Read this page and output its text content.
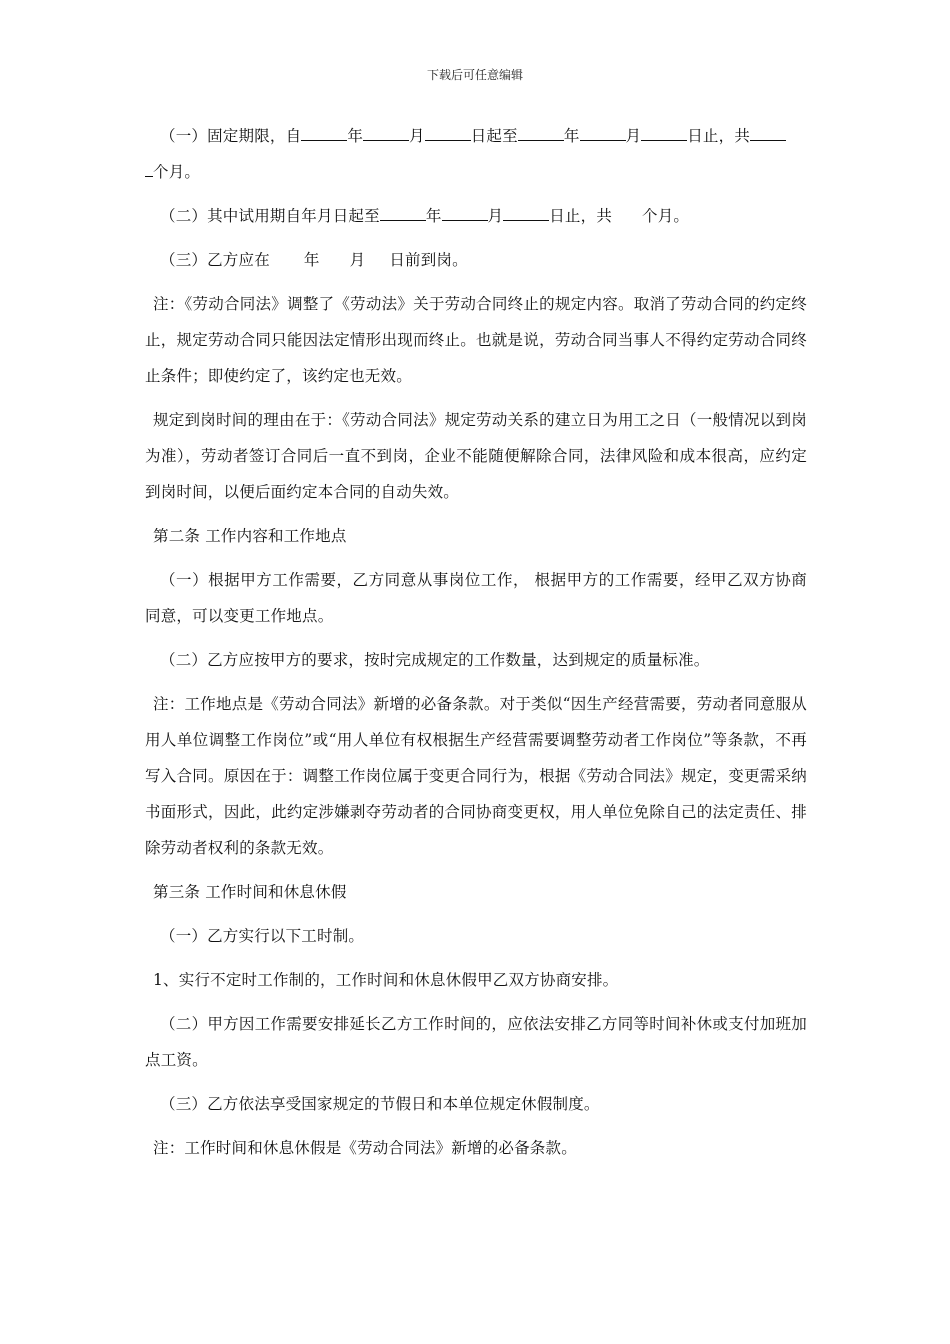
下载后可任意编辑

（一）固定期限，自	年	月	日起至	年	月	日止，共
个月。

（二）其中试用期自年月日起至	年	月	日止，共 个月。

（三）乙方应在 年 月 日前到岗。

注：《劳动合同法》调整了《劳动法》关于劳动合同终止的规定内容。取消了劳动合同的约定终止，规定劳动合同只能因法定情形出现而终止。也就是说，劳动合同当事人不得约定劳动合同终止条件；即使约定了，该约定也无效。

规定到岗时间的理由在于：《劳动合同法》规定劳动关系的建立日为用工之日（一般情况以到岗为准），劳动者签订合同后一直不到岗，企业不能随便解除合同，法律风险和成本很高，应约定到岗时间，以便后面约定本合同的自动失效。

第二条 工作内容和工作地点

（一）根据甲方工作需要，乙方同意从事岗位工作， 根据甲方的工作需要，经甲乙双方协商同意，可以变更工作地点。

（二）乙方应按甲方的要求，按时完成规定的工作数量，达到规定的质量标准。

注：工作地点是《劳动合同法》新增的必备条款。对于类似“因生产经营需要，劳动者同意服从用人单位调整工作岗位”或“用人单位有权根据生产经营需要调整劳动者工作岗位”等条款，不再写入合同。原因在于：调整工作岗位属于变更合同行为，根据《劳动合同法》规定，变更需采纳书面形式，因此，此约定涉嫌剥夺劳动者的合同协商变更权，用人单位免除自己的法定责任、排除劳动者权利的条款无效。

第三条 工作时间和休息休假

（一）乙方实行以下工时制。

1、实行不定时工作制的，工作时间和休息休假甲乙双方协商安排。

（二）甲方因工作需要安排延长乙方工作时间的，应依法安排乙方同等时间补休或支付加班加点工资。

（三）乙方依法享受国家规定的节假日和本单位规定休假制度。

注：工作时间和休息休假是《劳动合同法》新增的必备条款。
